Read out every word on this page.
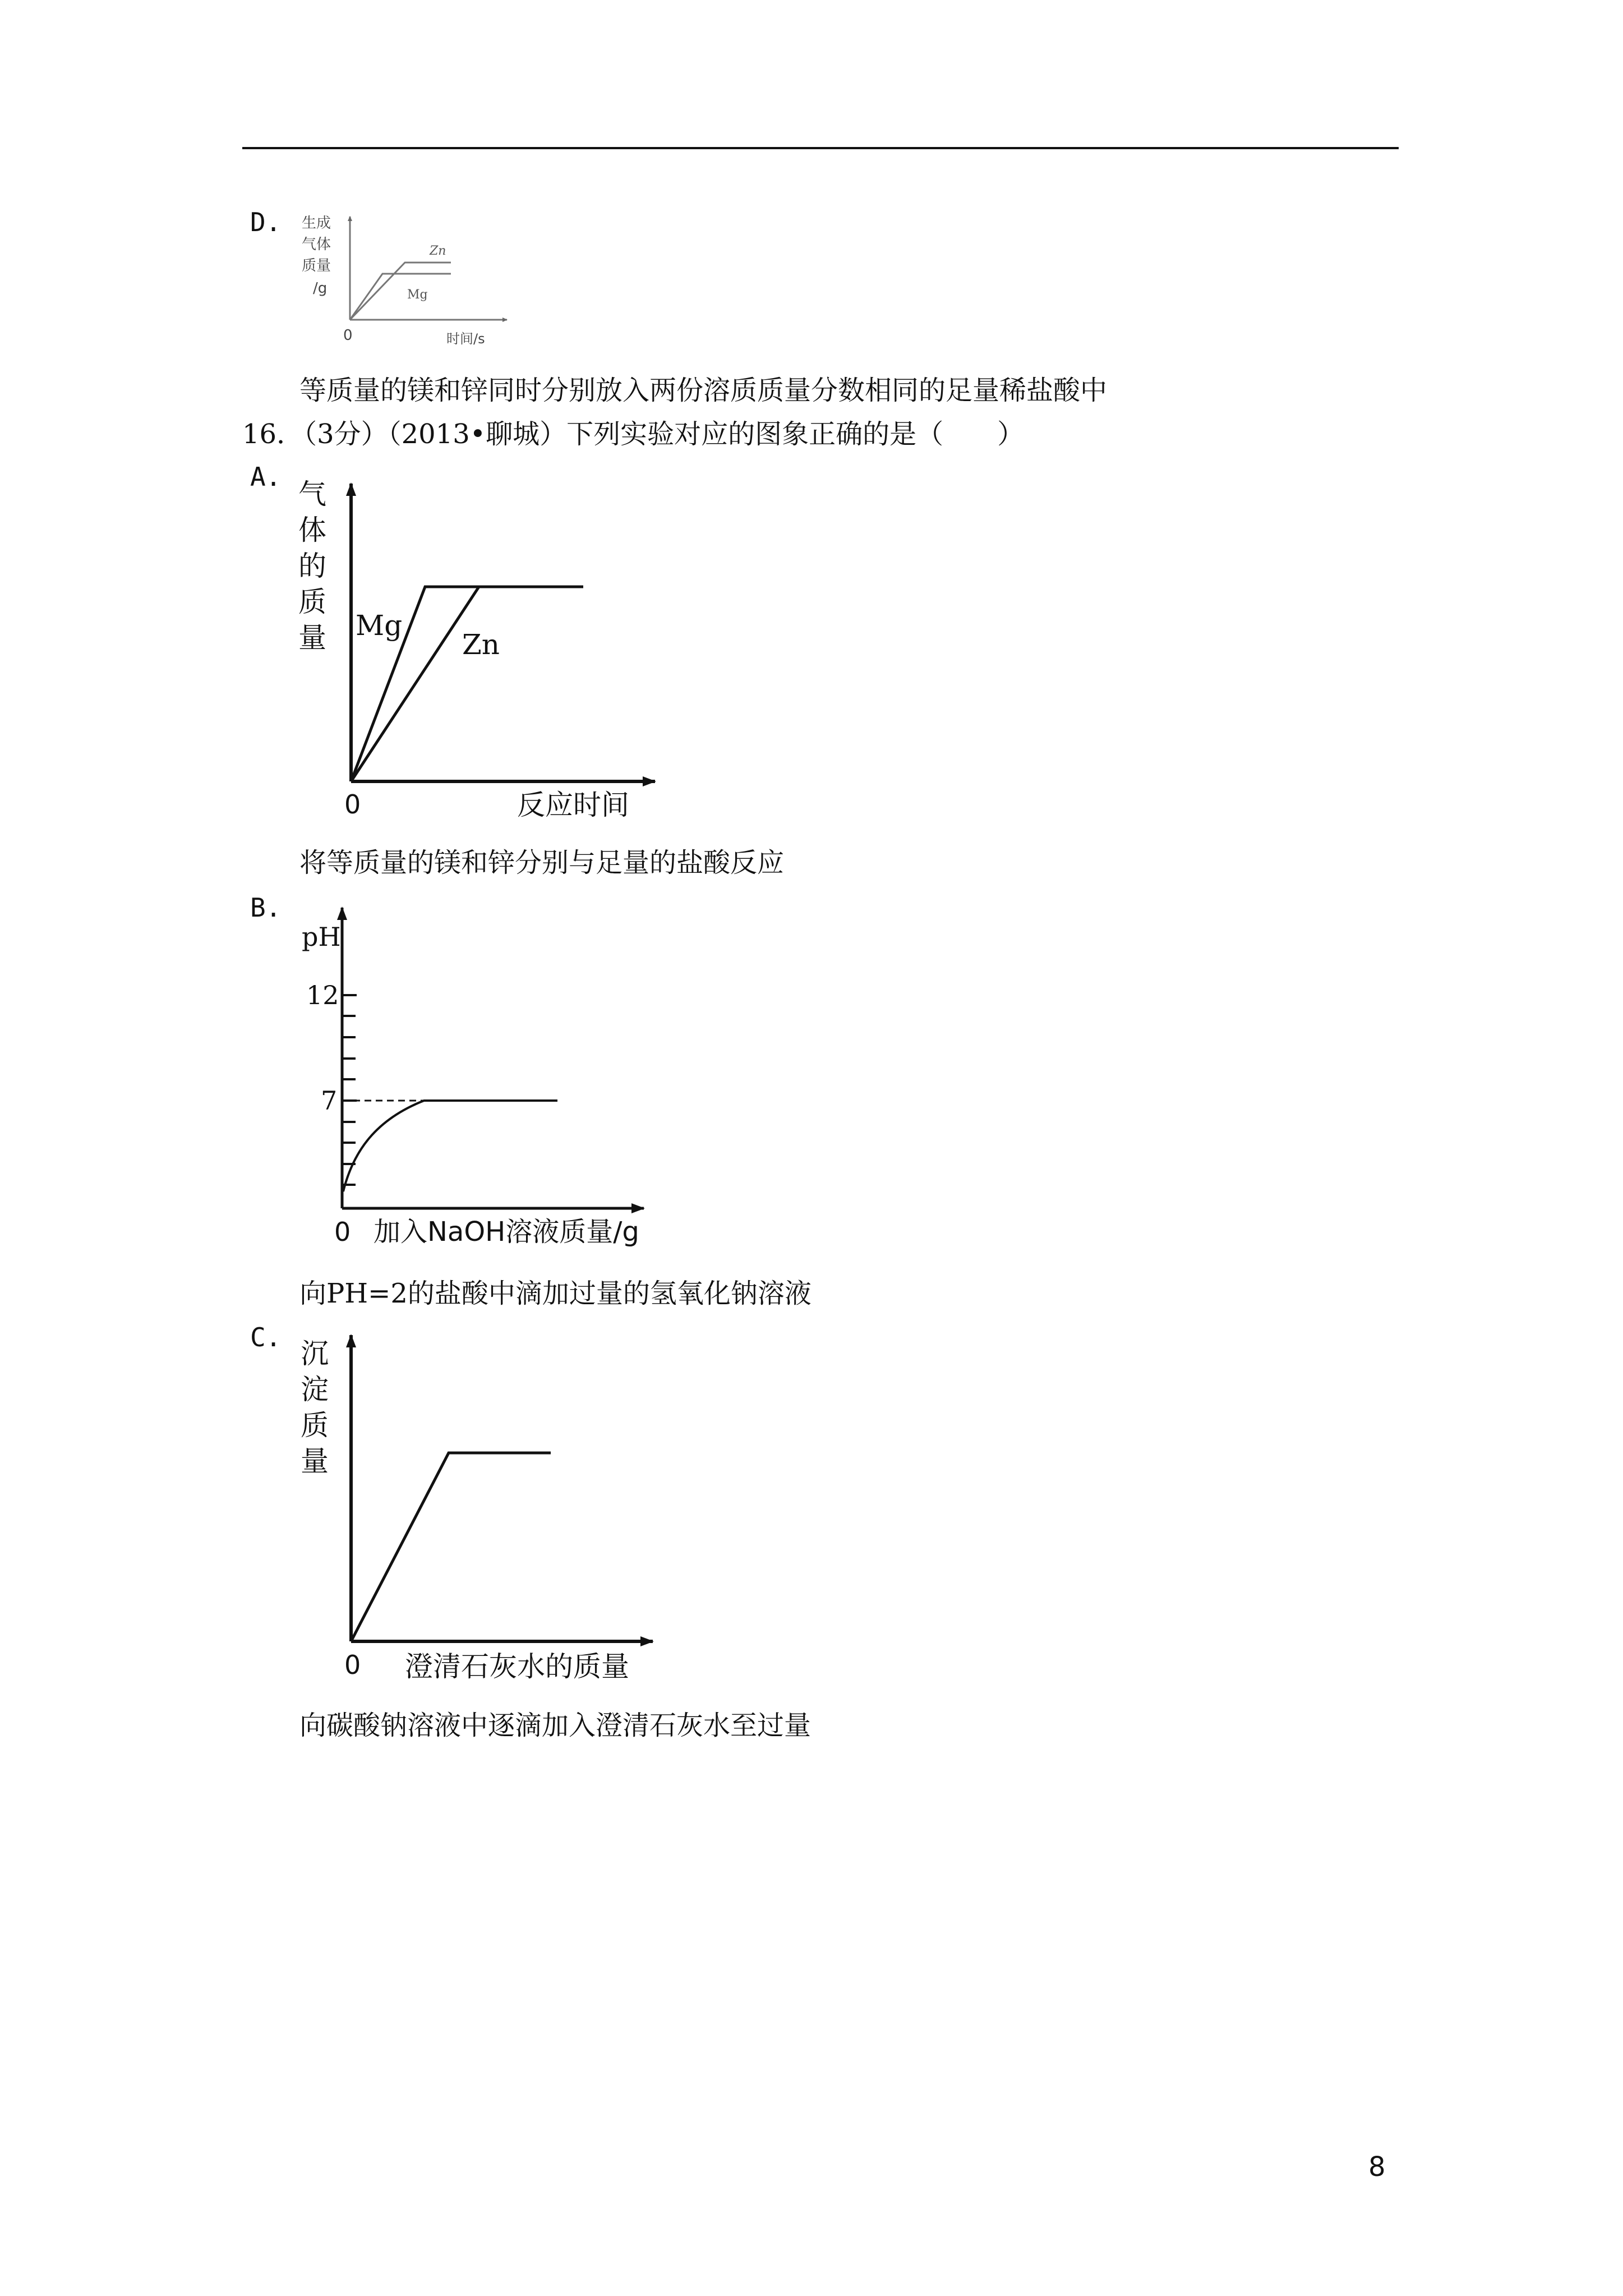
D. 生成
气体
质量
/g
0	时间/s
Zn
Mg
等质量的镁和锌同时分别放入两份溶质质量分数相同的足量稀盐酸中
16．（3分）（2013•聊城）下列实验对应的图象正确的是（　　）
A.
气
体
的
质
量
0	反应时间
Mg
Zn
将等质量的镁和锌分别与足量的盐酸反应
B.
pH
12
7
0 加入NaOH溶液质量/g
向PH=2的盐酸中滴加过量的氢氧化钠溶液
C. 沉
淀
质
量
0 澄清石灰水的质量
向碳酸钠溶液中逐滴加入澄清石灰水至过量
8
